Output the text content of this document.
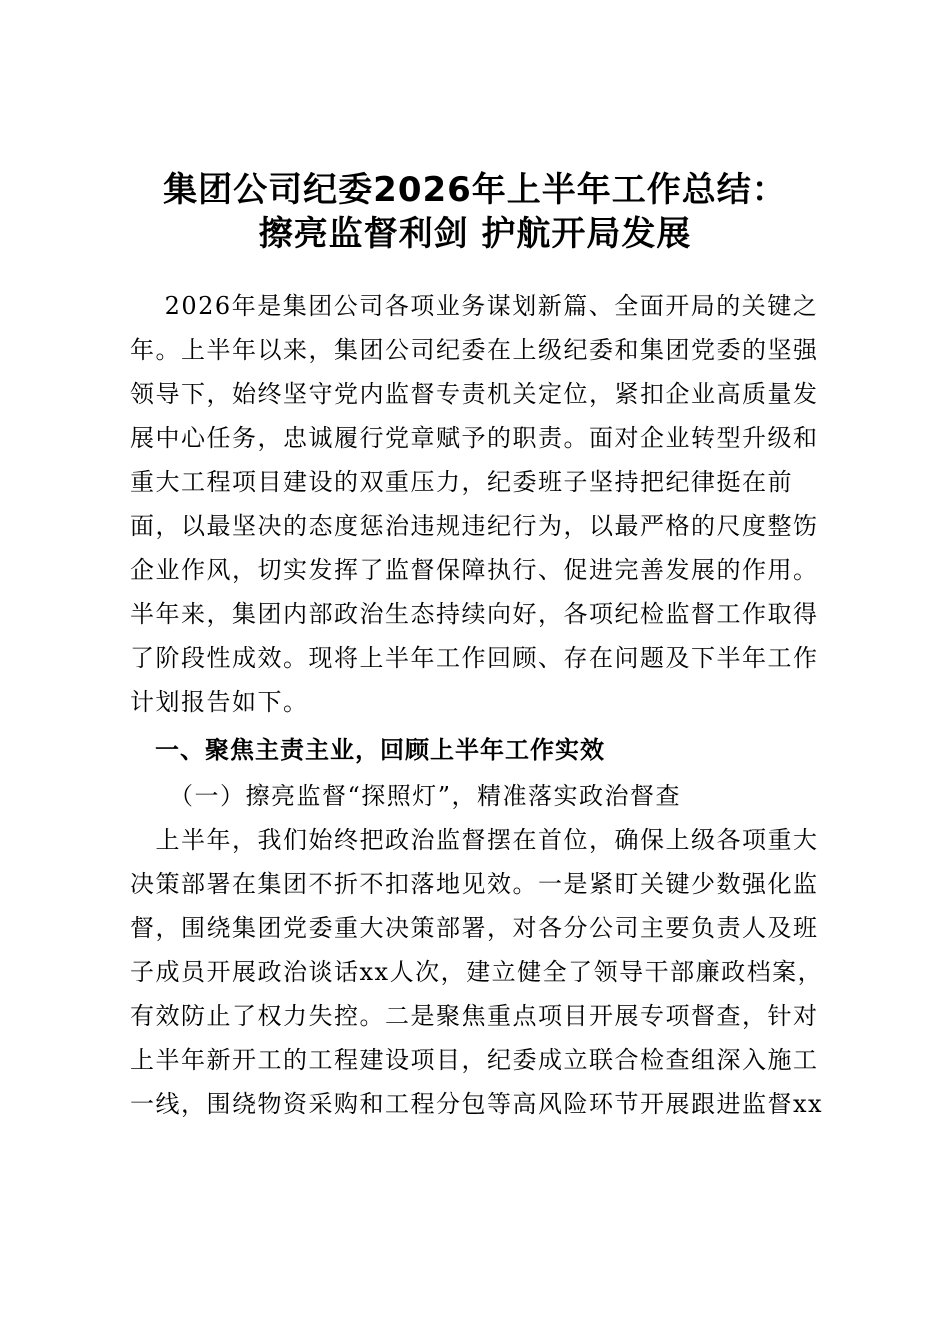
集团公司纪委2026年上半年工作总结：
擦亮监督利剑 护航开局发展
　 2026年是集团公司各项业务谋划新篇、全面开局的关键之
年。上半年以来，集团公司纪委在上级纪委和集团党委的坚强
领导下，始终坚守党内监督专责机关定位，紧扣企业高质量发
展中心任务，忠诚履行党章赋予的职责。面对企业转型升级和
重大工程项目建设的双重压力，纪委班子坚持把纪律挺在前
面，以最坚决的态度惩治违规违纪行为，以最严格的尺度整饬
企业作风，切实发挥了监督保障执行、促进完善发展的作用。
半年来，集团内部政治生态持续向好，各项纪检监督工作取得
了阶段性成效。现将上半年工作回顾、存在问题及下半年工作
计划报告如下。
　一、聚焦主责主业，回顾上半年工作实效
　　（一）擦亮监督“探照灯”，精准落实政治督查
　上半年，我们始终把政治监督摆在首位，确保上级各项重大
决策部署在集团不折不扣落地见效。一是紧盯关键少数强化监
督，围绕集团党委重大决策部署，对各分公司主要负责人及班
子成员开展政治谈话xx人次，建立健全了领导干部廉政档案，
有效防止了权力失控。二是聚焦重点项目开展专项督查，针对
上半年新开工的工程建设项目，纪委成立联合检查组深入施工
一线，围绕物资采购和工程分包等高风险环节开展跟进监督xx
